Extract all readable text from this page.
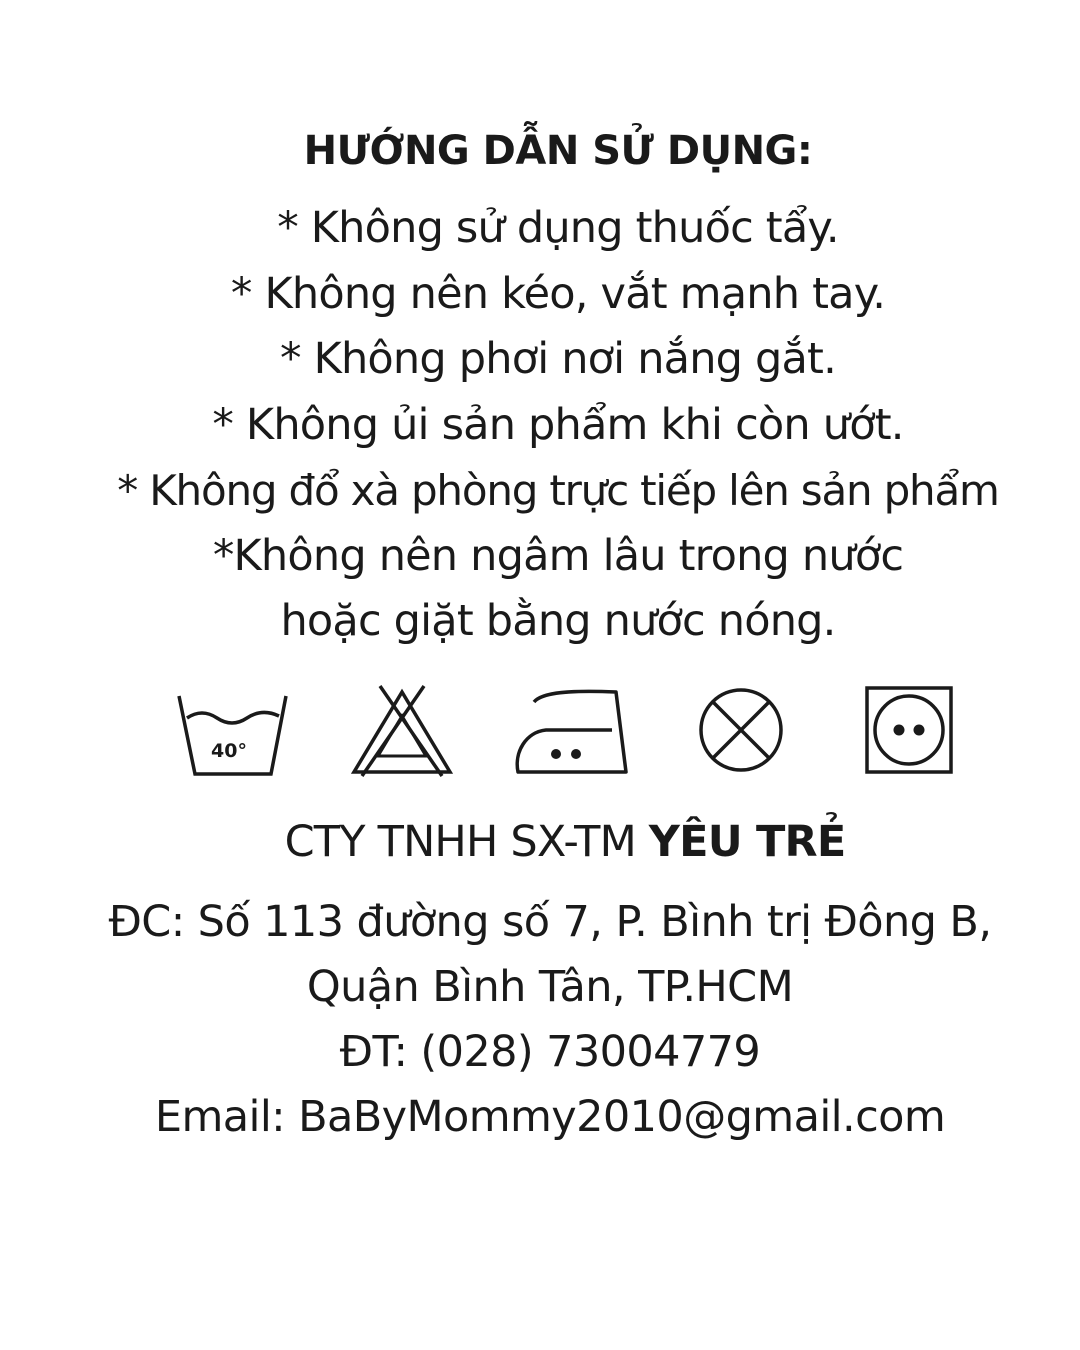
HƯỚNG DẪN SỬ DỤNG:
* Không sử dụng thuốc tẩy.
* Không nên kéo, vắt mạnh tay.
* Không phơi nơi nắng gắt.
* Không ủi sản phẩm khi còn ướt.
* Không đổ xà phòng trực tiếp lên sản phẩm
*Không nên ngâm lâu trong nước
hoặc giặt bằng nước nóng.
40°
CTY TNHH SX-TM YÊU TRẺ
ĐC: Số 113 đường số 7, P. Bình trị Đông B,
Quận Bình Tân, TP.HCM
ĐT: (028) 73004779
Email: BaByMommy2010@gmail.com
